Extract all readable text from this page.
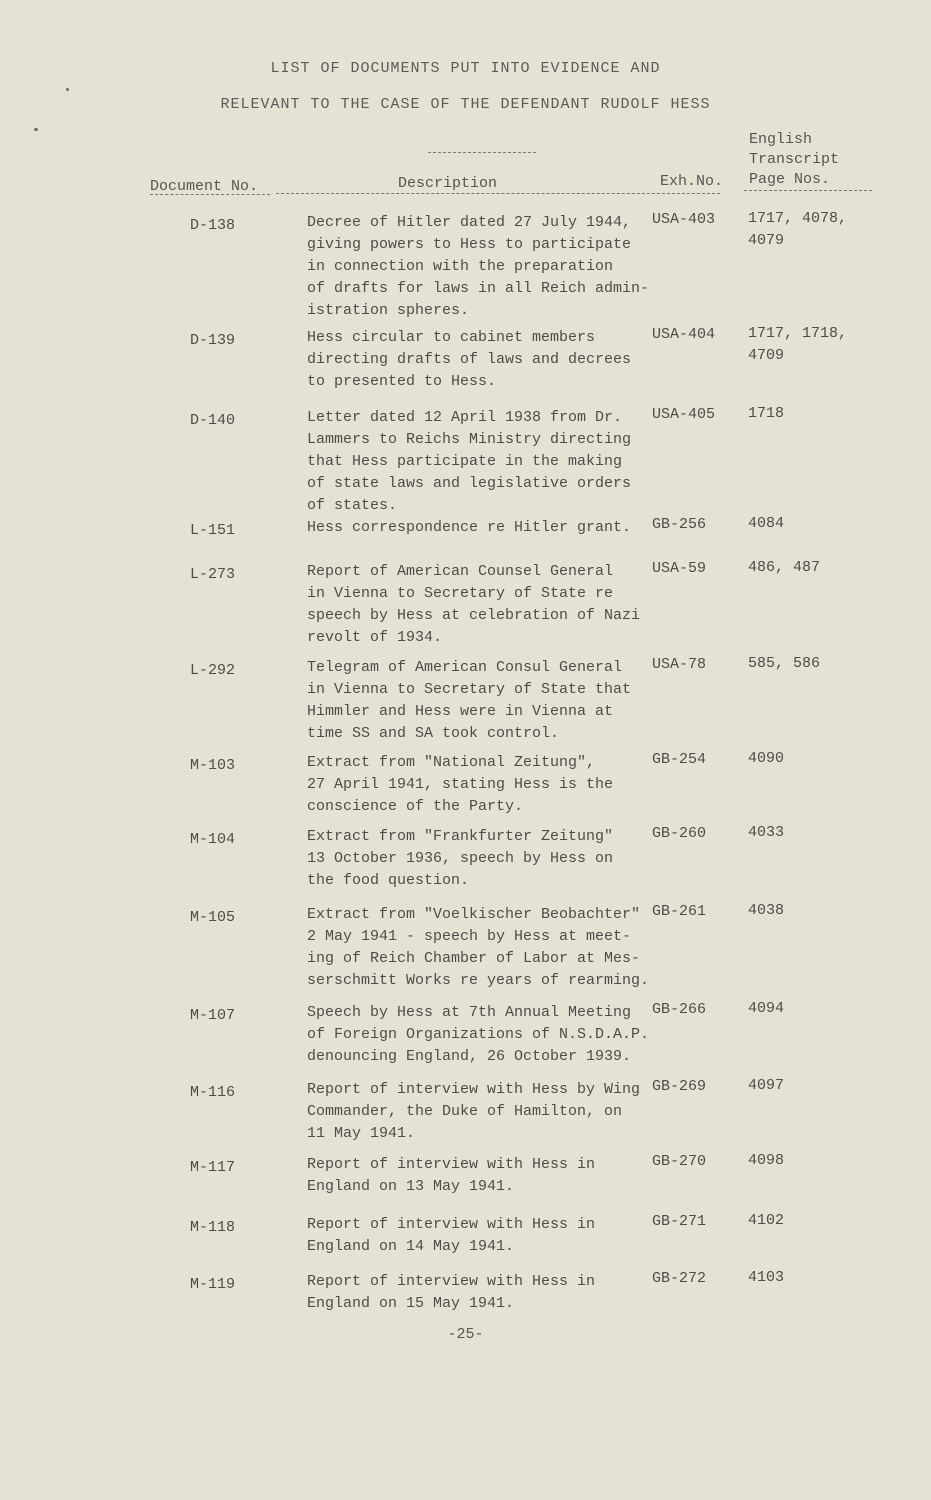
LIST OF DOCUMENTS PUT INTO EVIDENCE AND
RELEVANT TO THE CASE OF THE DEFENDANT RUDOLF HESS
English
Transcript
Page Nos.
Document No.	Description	Exh.No.
D-138	Decree of Hitler dated 27 July 1944,
giving powers to Hess to participate
in connection with the preparation
of drafts for laws in all Reich admin-
istration spheres.
USA-403	1717, 4078,
4079
D-139	Hess circular to cabinet members
directing drafts of laws and decrees
to presented to Hess.
USA-404	1717, 1718,
4709
D-140	Letter dated 12 April 1938 from Dr.
Lammers to Reichs Ministry directing
that Hess participate in the making
of state laws and legislative orders
of states.
USA-405	1718
L-151	Hess correspondence re Hitler grant.	GB-256	4084
L-273	Report of American Counsel General
in Vienna to Secretary of State re
speech by Hess at celebration of Nazi
revolt of 1934.
USA-59	486, 487
L-292	Telegram of American Consul General
in Vienna to Secretary of State that
Himmler and Hess were in Vienna at
time SS and SA took control.
USA-78	585, 586
M-103	Extract from "National Zeitung",
27 April 1941, stating Hess is the
conscience of the Party.
GB-254	4090
M-104	Extract from "Frankfurter Zeitung"
13 October 1936, speech by Hess on
the food question.
GB-260	4033
M-105	Extract from "Voelkischer Beobachter"
2 May 1941 - speech by Hess at meet-
ing of Reich Chamber of Labor at Mes-
serschmitt Works re years of rearming.
GB-261	4038
M-107	Speech by Hess at 7th Annual Meeting
of Foreign Organizations of N.S.D.A.P.
denouncing England, 26 October 1939.
GB-266	4094
M-116	Report of interview with Hess by Wing
Commander, the Duke of Hamilton, on
11 May 1941.
GB-269	4097
M-117	Report of interview with Hess in
England on 13 May 1941.
GB-270	4098
M-118	Report of interview with Hess in
England on 14 May 1941.
GB-271	4102
M-119	Report of interview with Hess in
England on 15 May 1941.
GB-272	4103
-25-
